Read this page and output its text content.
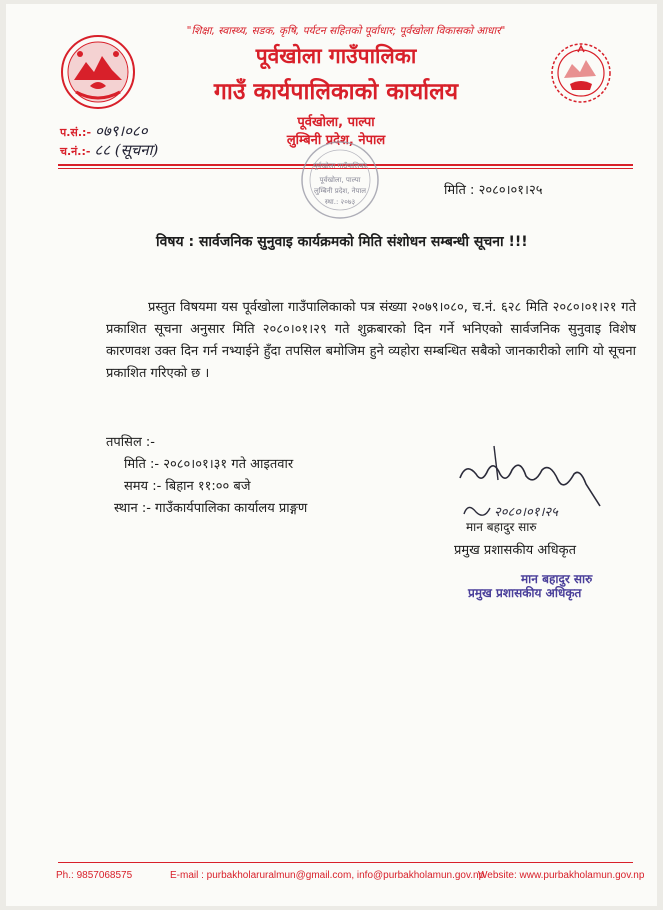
"शिक्षा, स्वास्थ्य, सडक, कृषि, पर्यटन सहितको पूर्वाधार; पूर्वखोला विकासको आधार"
पूर्वखोला गाउँपालिका
गाउँ कार्यपालिकाको कार्यालय
पूर्वखोला, पाल्पा
लुम्बिनी प्रदेश, नेपाल
प.सं.:- ०७९।०८०
च.नं.:- ८८ (सूचना)
पूर्वखोला गाउँपालिका
पूर्वखोला, पाल्पा
लुम्बिनी प्रदेश, नेपाल
स्था.: २०७३
मिति : २०८०।०१।२५
विषय : सार्वजनिक सुनुवाइ कार्यक्रमको मिति संशोधन सम्बन्धी सूचना !!!
प्रस्तुत विषयमा यस पूर्वखोला गाउँपालिकाको पत्र संख्या २०७९।०८०, च.नं. ६२८ मिति २०८०।०१।२१ गते प्रकाशित सूचना अनुसार मिति २०८०।०१।२९ गते शुक्रबारको दिन गर्ने भनिएको सार्वजनिक सुनुवाइ विशेष कारणवश उक्त दिन गर्न नभ्याईने हुँदा तपसिल बमोजिम हुने व्यहोरा सम्बन्धित सबैको जानकारीको लागि यो सूचना प्रकाशित गरिएको छ ।
तपसिल :-
मिति :- २०८०।०१।३१ गते आइतवार
समय :- बिहान ११:०० बजे
स्थान :- गाउँकार्यपालिका कार्यालय प्राङ्गण	२०८०।०१।२५
मान बहादुर सारु
प्रमुख प्रशासकीय अधिकृत
मान बहादुर सारु
प्रमुख प्रशासकीय अधिकृत
Ph.: 9857068575	E-mail : purbakholaruralmun@gmail.com, info@purbakholamun.gov.np
Website: www.purbakholamun.gov.np
